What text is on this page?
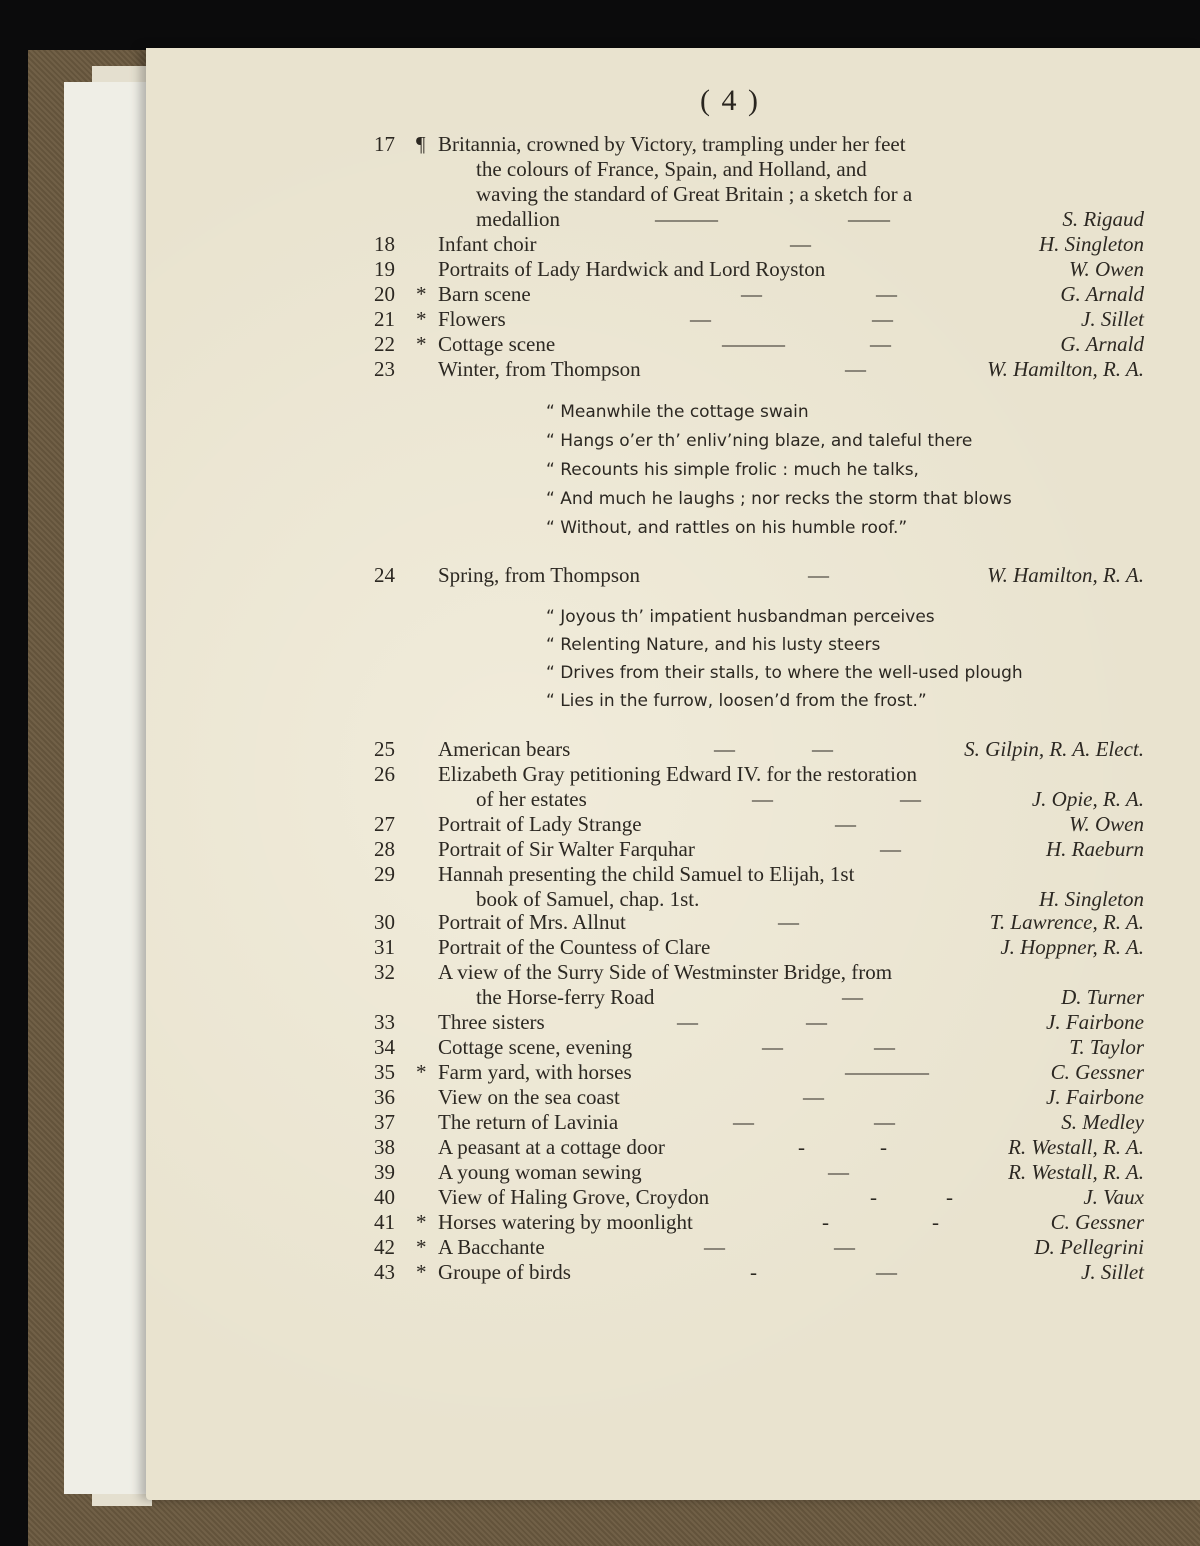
( 4 )
17 ¶ Britannia, crowned by Victory, trampling under her feet
the colours of France, Spain, and Holland, and
waving the standard of Great Britain ; a sketch for a
medallion	———	——	S. Rigaud
18 Infant choir	—	H. Singleton
19 Portraits of Lady Hardwick and Lord Royston	W. Owen
20 * Barn scene	—	—	G. Arnald
21 * Flowers	—	—	J. Sillet
22 * Cottage scene	———	—	G. Arnald
23 Winter, from Thompson	—	W. Hamilton, R. A.
24 Spring, from Thompson	—	W. Hamilton, R. A.
25 American bears	—	—	S. Gilpin, R. A. Elect.
26 Elizabeth Gray petitioning Edward IV. for the restoration
of her estates	—	—	J. Opie, R. A.
27 Portrait of Lady Strange	—	W. Owen
28 Portrait of Sir Walter Farquhar	—	H. Raeburn
29 Hannah presenting the child Samuel to Elijah, 1st
book of Samuel, chap. 1st.	H. Singleton
30 Portrait of Mrs. Allnut	—	T. Lawrence, R. A.
31 Portrait of the Countess of Clare	J. Hoppner, R. A.
32 A view of the Surry Side of Westminster Bridge, from
the Horse-ferry Road	—	D. Turner
33 Three sisters	—	—	J. Fairbone
34 Cottage scene, evening	—	—	T. Taylor
35 * Farm yard, with horses	————	C. Gessner
36 View on the sea coast	—	J. Fairbone
37 The return of Lavinia	—	—	S. Medley
38 A peasant at a cottage door	-	-	R. Westall, R. A.
39 A young woman sewing	—	R. Westall, R. A.
40 View of Haling Grove, Croydon	-	-	J. Vaux
41 * Horses watering by moonlight	-	-	C. Gessner
42 * A Bacchante	—	—	D. Pellegrini
43 * Groupe of birds	-	—	J. Sillet
“ Meanwhile the cottage swain
“ Hangs o’er th’ enliv’ning blaze, and taleful there
“ Recounts his simple frolic : much he talks,
“ And much he laughs ; nor recks the storm that blows
“ Without, and rattles on his humble roof.”
“ Joyous th’ impatient husbandman perceives
“ Relenting Nature, and his lusty steers
“ Drives from their stalls, to where the well-used plough
“ Lies in the furrow, loosen’d from the frost.”
